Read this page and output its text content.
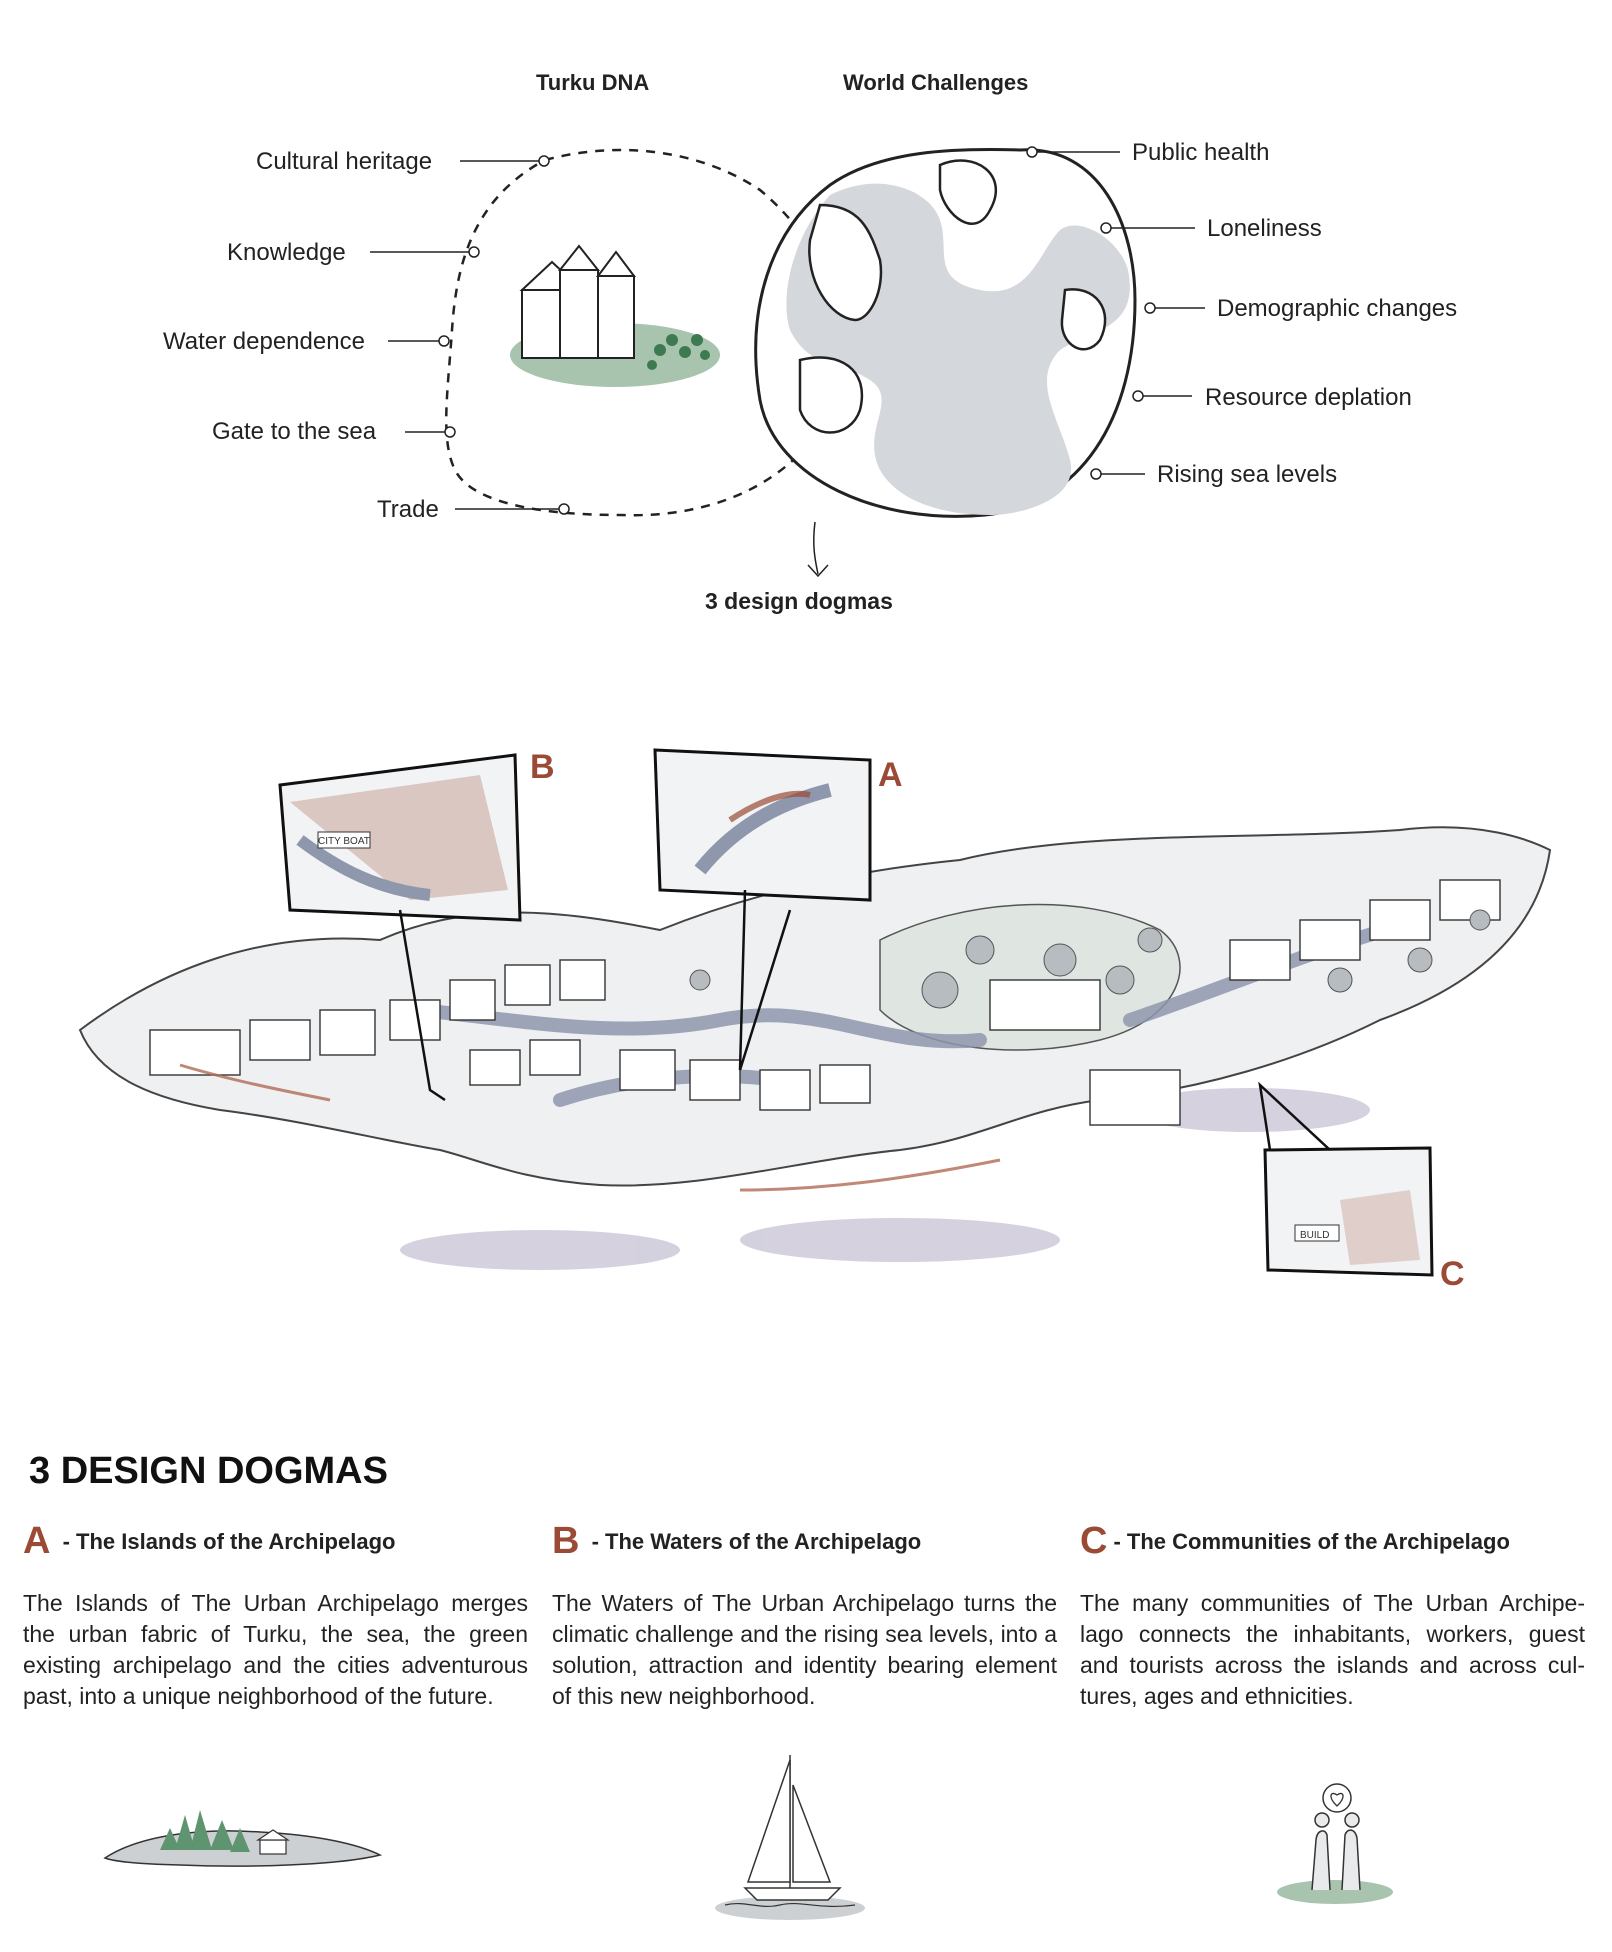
Turku DNA	World Challenges
Cultural heritage
Knowledge
Water dependence
Gate to the sea
Trade
Public health
Loneliness
Demographic changes
Resource deplation
Rising sea levels
3 design dogmas
CITY BOAT
B	A
BUILD
C
3 DESIGN DOGMAS
A - The Islands of the Archipelago
The Islands of The Urban Archipelago merges the urban fabric of Turku, the sea, the green existing archipelago and the cities adventurous past, into a unique neighborhood of the future.
B - The Waters of the Archipelago
The Waters of The Urban Archipelago turns the climatic challenge and the rising sea levels, into a solution, attraction and identity bearing element of this new neighborhood.
C - The Communities of the Archipelago
The many communities of The Urban Archipe-lago connects the inhabitants, workers, guest and tourists across the islands and across cul-tures, ages and ethnicities.
